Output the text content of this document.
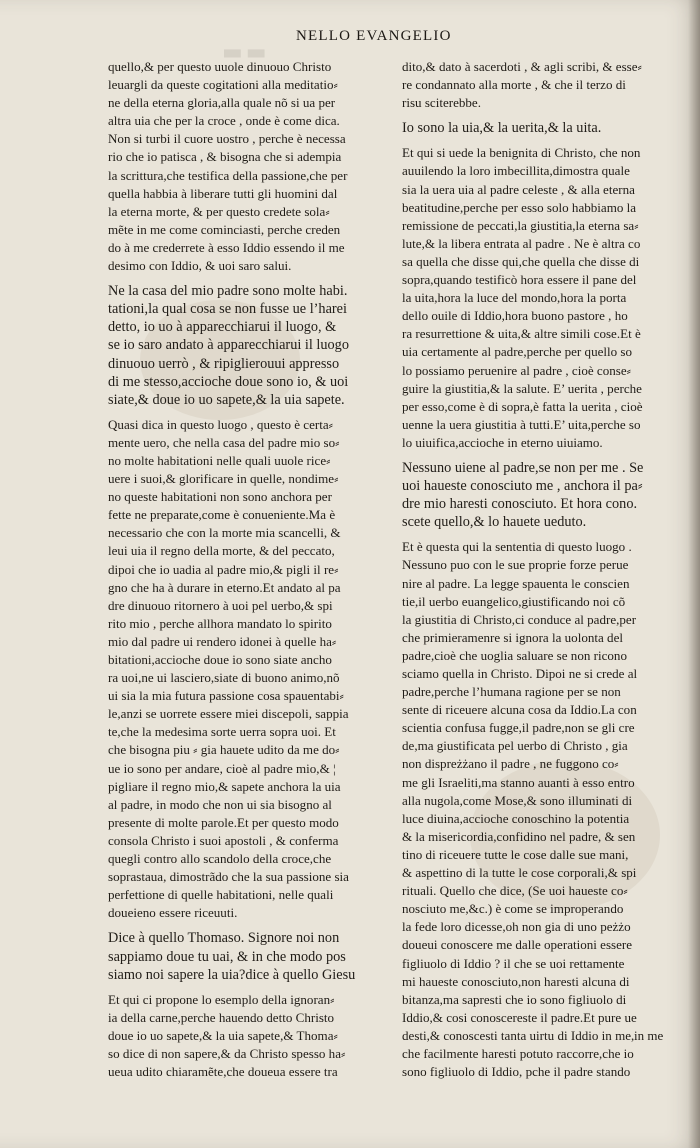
▬▬
NELLO EVANGELIO
quello,& per questo uuole dinuouo Christo
leuargli da queste cogitationi alla meditatio⸗
ne della eterna gloria,alla quale nõ si ua per
altra uia che per la croce , onde è come dica.
Non si turbi il cuore uostro , perche è necessa
rio che io patisca , & bisogna che si adempia
la scrittura,che testifica della passione,che per
quella habbia à liberare tutti gli huomini dal
la eterna morte, & per questo credete sola⸗
mẽte in me come cominciasti, perche creden
do à me crederrete à esso Iddio essendo il me
desimo con Iddio, & uoi saro salui.
Ne la casa del mio padre sono molte habi.
tationi,la qual cosa se non fusse ue l’harei
detto, io uo à apparecchiarui il luogo, &
se io saro andato à apparecchiarui il luogo
dinuouo uerrò , & ripiglierouui appresso
di me stesso,accioche doue sono io, & uoi
siate,& doue io uo sapete,& la uia sapete.
Quasi dica in questo luogo , questo è certa⸗
mente uero, che nella casa del padre mio so⸗
no molte habitationi nelle quali uuole rice⸗
uere i suoi,& glorificare in quelle, nondime⸗
no queste habitationi non sono anchora per
fette ne preparate,come è conueniente.Ma è
necessario che con la morte mia scancelli, &
leui uia il regno della morte, & del peccato,
dipoi che io uadia al padre mio,& pigli il re⸗
gno che ha à durare in eterno.Et andato al pa
dre dinuouo ritornero à uoi pel uerbo,& spi
rito mio , perche allhora mandato lo spirito
mio dal padre ui rendero idonei à quelle ha⸗
bitationi,accioche doue io sono siate ancho
ra uoi,ne ui lasciero,siate di buono animo,nõ
ui sia la mia futura passione cosa spauentabi⸗
le,anzi se uorrete essere miei discepoli, sappia
te,che la medesima sorte uerra sopra uoi. Et
che bisogna piu ⸗ gia hauete udito da me do⸗
ue io sono per andare, cioè al padre mio,& ¦
pigliare il regno mio,& sapete anchora la uia
al padre, in modo che non ui sia bisogno al
presente di molte parole.Et per questo modo
consola Christo i suoi apostoli , & conferma
quegli contro allo scandolo della croce,che
soprastaua, dimostrãdo che la sua passione sia
perfettione di quelle habitationi, nelle quali
doueieno essere riceuuti.
Dice à quello Thomaso. Signore noi non
sappiamo doue tu uai, & in che modo pos
siamo noi sapere la uia?dice à quello Giesu
Et qui ci propone lo esemplo della ignoran⸗
ia della carne,perche hauendo detto Christo
doue io uo sapete,& la uia sapete,& Thoma⸗
so dice di non sapere,& da Christo spesso ha⸗
ueua udito chiaramẽte,che doueua essere tra
dito,& dato à sacerdoti , & agli scribi, & esse⸗
re condannato alla morte , & che il terzo di
risu sciterebbe.
Io sono la uia,& la uerita,& la uita.
Et qui si uede la benignita di Christo, che non
auuilendo la loro imbecillita,dimostra quale
sia la uera uia al padre celeste , & alla eterna
beatitudine,perche per esso solo habbiamo la
remissione de peccati,la giustitia,la eterna sa⸗
lute,& la libera entrata al padre . Ne è altra co
sa quella che disse qui,che quella che disse di
sopra,quando testificò hora essere il pane del
la uita,hora la luce del mondo,hora la porta
dello ouile di Iddio,hora buono pastore , ho
ra resurrettione & uita,& altre simili cose.Et è
uia certamente al padre,perche per quello so
lo possiamo peruenire al padre , cioè conse⸗
guire la giustitia,& la salute. E’ uerita , perche
per esso,come è di sopra,è fatta la uerita , cioè
uenne la uera giustitia à tutti.E’ uita,perche so
lo uiuifica,accioche in eterno uiuiamo.
Nessuno uiene al padre,se non per me . Se
uoi haueste conosciuto me , anchora il pa⸗
dre mio haresti conosciuto. Et hora cono.
scete quello,& lo hauete ueduto.
Et è questa qui la sententia di questo luogo .
Nessuno puo con le sue proprie forze perue
nire al padre. La legge spauenta le conscien
tie,il uerbo euangelico,giustificando noi cõ
la giustitia di Christo,ci conduce al padre,per
che primieramenre si ignora la uolonta del
padre,cioè che uoglia saluare se non ricono
sciamo quella in Christo. Dipoi ne si crede al
padre,perche l’humana ragione per se non
sente di riceuere alcuna cosa da Iddio.La con
scientia confusa fugge,il padre,non se gli cre
de,ma giustificata pel uerbo di Christo , gia
non dispreżżano il padre , ne fuggono co⸗
me gli Israeliti,ma stanno auanti à esso entro
alla nugola,come Mose,& sono illuminati di
luce diuina,accioche conoschino la potentia
& la misericordia,confidino nel padre, & sen
tino di riceuere tutte le cose dalle sue mani,
& aspettino di la tutte le cose corporali,& spi
rituali. Quello che dice, (Se uoi haueste co⸗
nosciuto me,&c.) è come se improperando
la fede loro dicesse,oh non gia di uno peżżo
doueui conoscere me dalle operationi essere
figliuolo di Iddio ? il che se uoi rettamente
mi haueste conosciuto,non haresti alcuna di
bitanza,ma sapresti che io sono figliuolo di
Iddio,& cosi conoscereste il padre.Et pure ue
desti,& conoscesti tanta uirtu di Iddio in me,
che facilmente haresti potuto raccorre,che io
sono figliuolo di Iddio, pche il padre stando
in me
